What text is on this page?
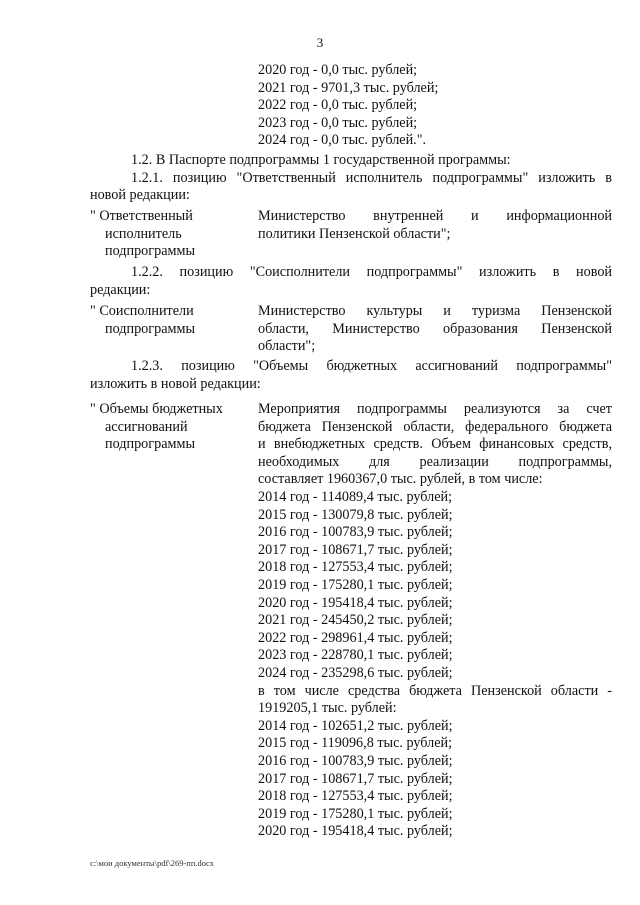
3
2020 год - 0,0 тыс. рублей;
2021 год - 9701,3 тыс. рублей;
2022 год - 0,0 тыс. рублей;
2023 год - 0,0 тыс. рублей;
2024 год - 0,0 тыс. рублей.".
1.2. В Паспорте подпрограммы 1 государственной программы:
1.2.1. позицию "Ответственный исполнитель подпрограммы" изложить в
новой редакции:
" Ответственный
исполнитель
подпрограммы
Министерство внутренней и информационной
политики Пензенской области";
1.2.2. позицию "Соисполнители подпрограммы" изложить в новой
редакции:
" Соисполнители
подпрограммы
Министерство культуры и туризма Пензенской
области, Министерство образования Пензенской
области";
1.2.3. позицию "Объемы бюджетных ассигнований подпрограммы"
изложить в новой редакции:
" Объемы бюджетных
ассигнований
подпрограммы
Мероприятия подпрограммы реализуются за счет
бюджета Пензенской области, федерального бюджета
и внебюджетных средств. Объем финансовых средств,
необходимых для реализации подпрограммы,
составляет 1960367,0 тыс. рублей, в том числе:
2014 год - 114089,4 тыс. рублей;
2015 год - 130079,8 тыс. рублей;
2016 год - 100783,9 тыс. рублей;
2017 год - 108671,7 тыс. рублей;
2018 год - 127553,4 тыс. рублей;
2019 год - 175280,1 тыс. рублей;
2020 год - 195418,4 тыс. рублей;
2021 год - 245450,2 тыс. рублей;
2022 год - 298961,4 тыс. рублей;
2023 год - 228780,1 тыс. рублей;
2024 год - 235298,6 тыс. рублей;
в том числе средства бюджета Пензенской области -
1919205,1 тыс. рублей:
2014 год - 102651,2 тыс. рублей;
2015 год - 119096,8 тыс. рублей;
2016 год - 100783,9 тыс. рублей;
2017 год - 108671,7 тыс. рублей;
2018 год - 127553,4 тыс. рублей;
2019 год - 175280,1 тыс. рублей;
2020 год - 195418,4 тыс. рублей;
c:\мои документы\pdf\269-пп.docx
